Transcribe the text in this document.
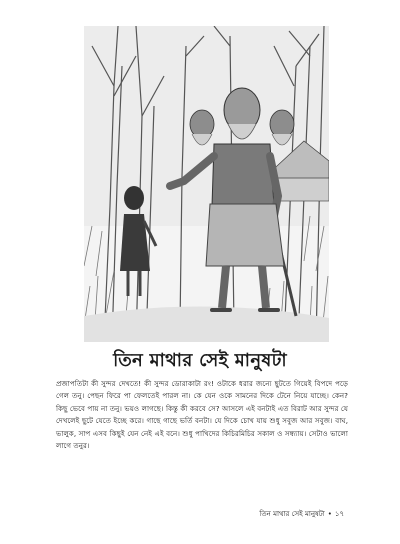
তিন মাথার সেই মানুষটা
প্রজাপতিটা কী সুন্দর দেখতে! কী সুন্দর ডোরাকাটা রং! ওটাকে ধরার জন্যে ছুটতে গিয়েই বিপদে পড়ে গেল তনু। পেছন ফিরে পা ফেলতেই পারল না। কে যেন ওকে সামনের দিকে টেনে নিয়ে যাচ্ছে। কেন? কিছু ভেবে পায় না তনু। ভয়ও লাগছে। কিন্তু কী করবে সে? আসলে এই বনটাই এত বিরাট আর সুন্দর যে দেখলেই ছুটে যেতে ইচ্ছে করে। গাছে গাছে ভর্তি বনটা। যে দিকে চোখ যায় শুধু সবুজ আর সবুজ। বাঘ, ভালুক, সাপ এসব কিছুই যেন নেই এই বনে। শুধু পাখিদের কিচিরমিচির সকাল ও সন্ধ্যায়। সেটাও ভালো লাগে তনুর।
তিন মাথার সেই মানুষটা • ১৭
